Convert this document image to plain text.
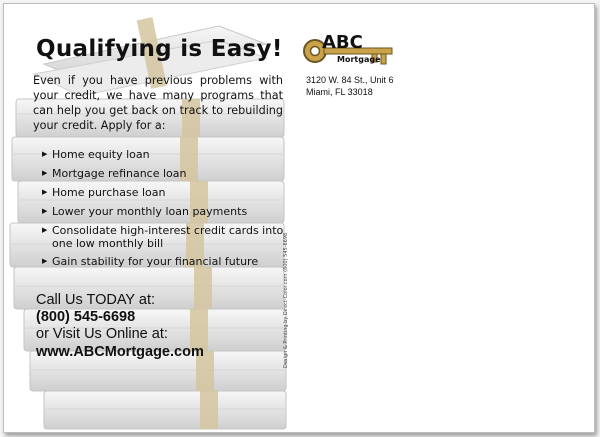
Qualifying is Easy!
Even if you have previous problems with your credit, we have many programs that can help you get back on track to rebuilding your credit. Apply for a:
▶ Home equity loan
▶ Mortgage refinance loan
▶ Home purchase loan
▶ Lower your monthly loan payments
▶ Consolidate high-interest credit cards into one low monthly bill
▶ Gain stability for your financial future
Call Us TODAY at:
(800) 545-6698
or Visit Us Online at:
www.ABCMortgage.com	Design & Printing by Direct-Color.com (800) 545-6698
ABC
Mortgage
3120 W. 84 St., Unit 6
Miami, FL 33018
